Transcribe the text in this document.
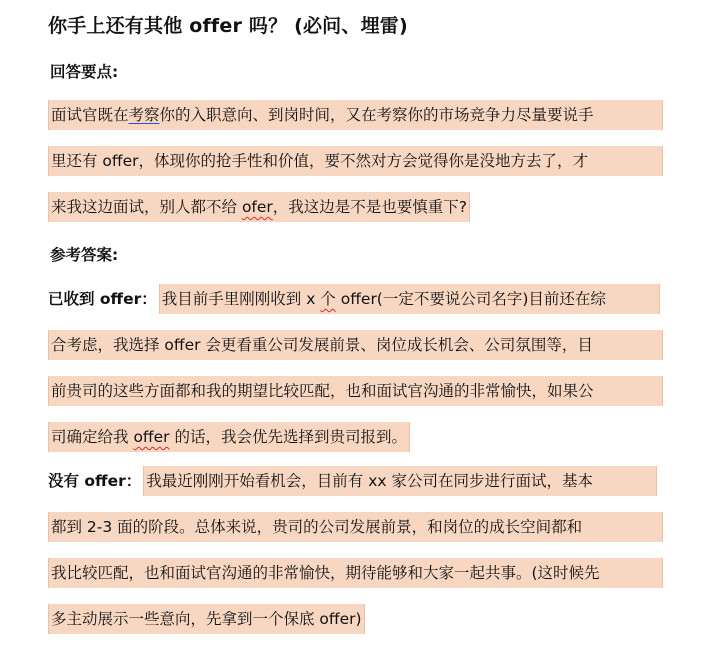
你手上还有其他 offer 吗？ (必问、埋雷)
回答要点:
面试官既在考察你的入职意向、到岗时间，又在考察你的市场竞争力尽量要说手
里还有 offer，体现你的抢手性和价值，要不然对方会觉得你是没地方去了，才
来我这边面试，别人都不给 ofer，我这边是不是也要慎重下?
参考答案:
已收到 offer： 我目前手里刚刚收到 x 个 offer(一定不要说公司名字)目前还在综
合考虑，我选择 offer 会更看重公司发展前景、岗位成长机会、公司氛围等，目
前贵司的这些方面都和我的期望比较匹配，也和面试官沟通的非常愉快，如果公
司确定给我 offer 的话，我会优先选择到贵司报到。
没有 offer： 我最近刚刚开始看机会，目前有 xx 家公司在同步进行面试，基本
都到 2-3 面的阶段。总体来说，贵司的公司发展前景，和岗位的成长空间都和
我比较匹配，也和面试官沟通的非常愉快，期待能够和大家一起共事。(这时候先
多主动展示一些意向，先拿到一个保底 offer)
